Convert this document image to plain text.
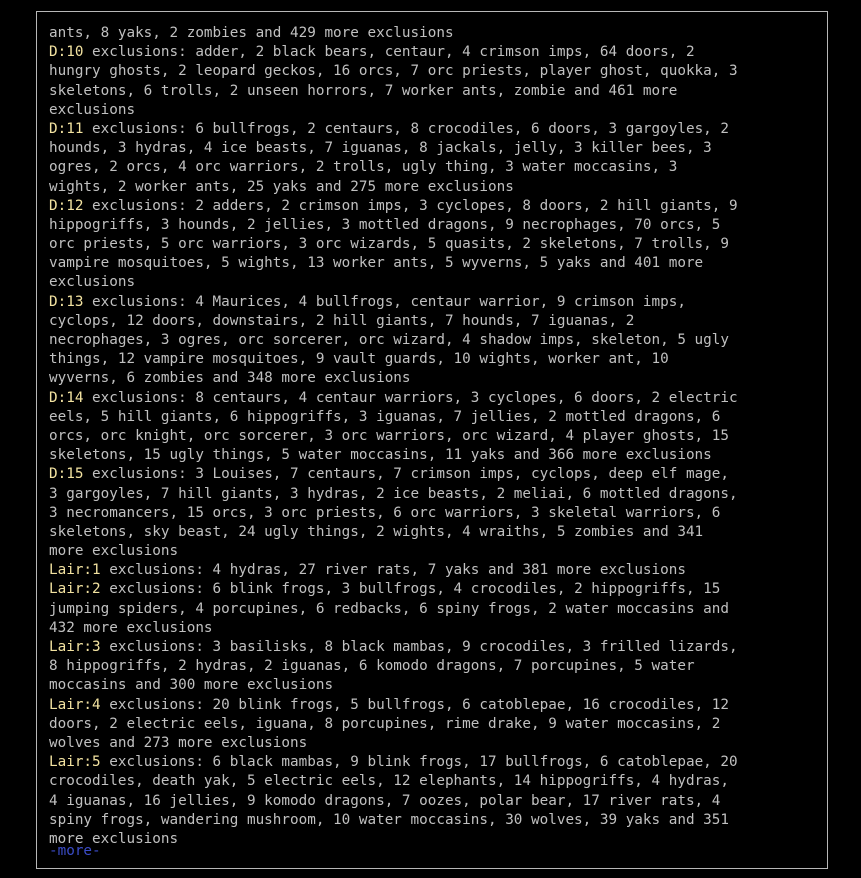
ants, 8 yaks, 2 zombies and 429 more exclusions
D:10 exclusions: adder, 2 black bears, centaur, 4 crimson imps, 64 doors, 2
hungry ghosts, 2 leopard geckos, 16 orcs, 7 orc priests, player ghost, quokka, 3
skeletons, 6 trolls, 2 unseen horrors, 7 worker ants, zombie and 461 more
exclusions
D:11 exclusions: 6 bullfrogs, 2 centaurs, 8 crocodiles, 6 doors, 3 gargoyles, 2
hounds, 3 hydras, 4 ice beasts, 7 iguanas, 8 jackals, jelly, 3 killer bees, 3
ogres, 2 orcs, 4 orc warriors, 2 trolls, ugly thing, 3 water moccasins, 3
wights, 2 worker ants, 25 yaks and 275 more exclusions
D:12 exclusions: 2 adders, 2 crimson imps, 3 cyclopes, 8 doors, 2 hill giants, 9
hippogriffs, 3 hounds, 2 jellies, 3 mottled dragons, 9 necrophages, 70 orcs, 5
orc priests, 5 orc warriors, 3 orc wizards, 5 quasits, 2 skeletons, 7 trolls, 9
vampire mosquitoes, 5 wights, 13 worker ants, 5 wyverns, 5 yaks and 401 more
exclusions
D:13 exclusions: 4 Maurices, 4 bullfrogs, centaur warrior, 9 crimson imps,
cyclops, 12 doors, downstairs, 2 hill giants, 7 hounds, 7 iguanas, 2
necrophages, 3 ogres, orc sorcerer, orc wizard, 4 shadow imps, skeleton, 5 ugly
things, 12 vampire mosquitoes, 9 vault guards, 10 wights, worker ant, 10
wyverns, 6 zombies and 348 more exclusions
D:14 exclusions: 8 centaurs, 4 centaur warriors, 3 cyclopes, 6 doors, 2 electric
eels, 5 hill giants, 6 hippogriffs, 3 iguanas, 7 jellies, 2 mottled dragons, 6
orcs, orc knight, orc sorcerer, 3 orc warriors, orc wizard, 4 player ghosts, 15
skeletons, 15 ugly things, 5 water moccasins, 11 yaks and 366 more exclusions
D:15 exclusions: 3 Louises, 7 centaurs, 7 crimson imps, cyclops, deep elf mage,
3 gargoyles, 7 hill giants, 3 hydras, 2 ice beasts, 2 meliai, 6 mottled dragons,
3 necromancers, 15 orcs, 3 orc priests, 6 orc warriors, 3 skeletal warriors, 6
skeletons, sky beast, 24 ugly things, 2 wights, 4 wraiths, 5 zombies and 341
more exclusions
Lair:1 exclusions: 4 hydras, 27 river rats, 7 yaks and 381 more exclusions
Lair:2 exclusions: 6 blink frogs, 3 bullfrogs, 4 crocodiles, 2 hippogriffs, 15
jumping spiders, 4 porcupines, 6 redbacks, 6 spiny frogs, 2 water moccasins and
432 more exclusions
Lair:3 exclusions: 3 basilisks, 8 black mambas, 9 crocodiles, 3 frilled lizards,
8 hippogriffs, 2 hydras, 2 iguanas, 6 komodo dragons, 7 porcupines, 5 water
moccasins and 300 more exclusions
Lair:4 exclusions: 20 blink frogs, 5 bullfrogs, 6 catoblepae, 16 crocodiles, 12
doors, 2 electric eels, iguana, 8 porcupines, rime drake, 9 water moccasins, 2
wolves and 273 more exclusions
Lair:5 exclusions: 6 black mambas, 9 blink frogs, 17 bullfrogs, 6 catoblepae, 20
crocodiles, death yak, 5 electric eels, 12 elephants, 14 hippogriffs, 4 hydras,
4 iguanas, 16 jellies, 9 komodo dragons, 7 oozes, polar bear, 17 river rats, 4
spiny frogs, wandering mushroom, 10 water moccasins, 30 wolves, 39 yaks and 351
more exclusions
-more-
